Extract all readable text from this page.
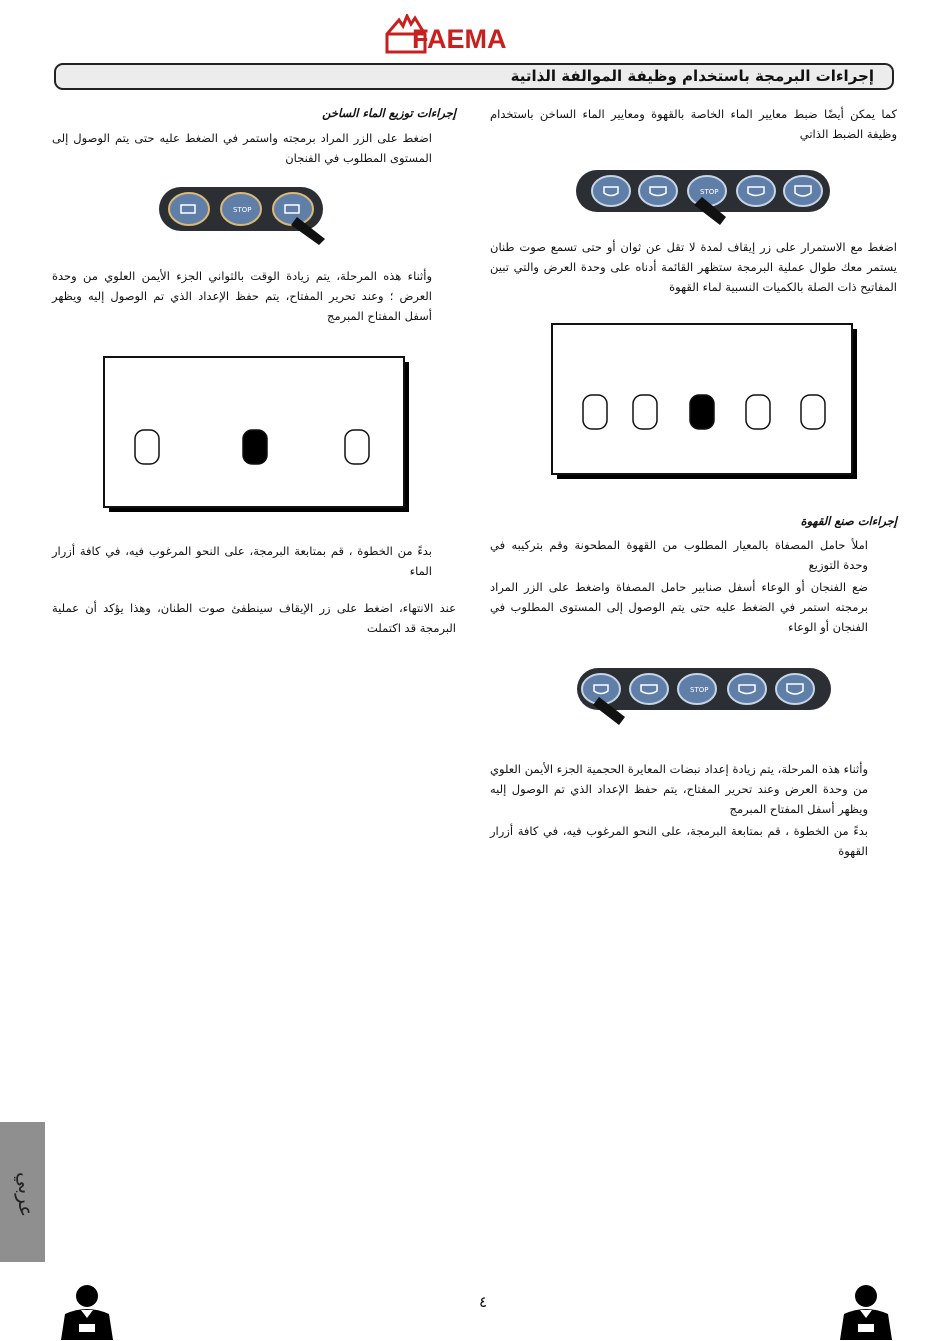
FAEMA
إجراءات البرمجة باستخدام وظيفة الموالفة الذاتية
كما يمكن أيضًا ضبط معايير الماء الخاصة بالقهوة ومعايير الماء الساخن باستخدام وظيفة الضبط الذاتي
STOP
اضغط مع الاستمرار على زر إيقاف لمدة لا تقل عن ثوان أو حتى تسمع صوت طنان يستمر معك طوال عملية البرمجة ستظهر القائمة أدناه على وحدة العرض والتي تبين المفاتيح ذات الصلة بالكميات النسبية لماء القهوة
إجراءات صنع القهوة
املأ حامل المصفاة بالمعيار المطلوب من القهوة المطحونة وقم بتركيبه في وحدة التوزيع
ضع الفنجان أو الوعاء أسفل صنابير حامل المصفاة واضغط على الزر المراد برمجته استمر في الضغط عليه حتى يتم الوصول إلى المستوى المطلوب في الفنجان أو الوعاء
STOP
وأثناء هذه المرحلة، يتم زيادة إعداد نبضات المعايرة الحجمية الجزء الأيمن العلوي من وحدة العرض وعند تحرير المفتاح، يتم حفظ الإعداد الذي تم الوصول إليه ويظهر أسفل المفتاح المبرمج
بدءً من الخطوة ، قم بمتابعة البرمجة، على النحو المرغوب فيه، في كافة أزرار القهوة
إجراءات توزيع الماء الساخن
اضغط على الزر المراد برمجته واستمر في الضغط عليه حتى يتم الوصول إلى المستوى المطلوب في الفنجان
STOP
وأثناء هذه المرحلة، يتم زيادة الوقت بالثواني الجزء الأيمن العلوي من وحدة العرض ؛ وعند تحرير المفتاح، يتم حفظ الإعداد الذي تم الوصول إليه ويظهر أسفل المفتاح المبرمج
بدءً من الخطوة ، قم بمتابعة البرمجة، على النحو المرغوب فيه، في كافة أزرار الماء
عند الانتهاء، اضغط على زر الإيقاف سينطفئ صوت الطنان، وهذا يؤكد أن عملية البرمجة قد اكتملت
عربي
٤
